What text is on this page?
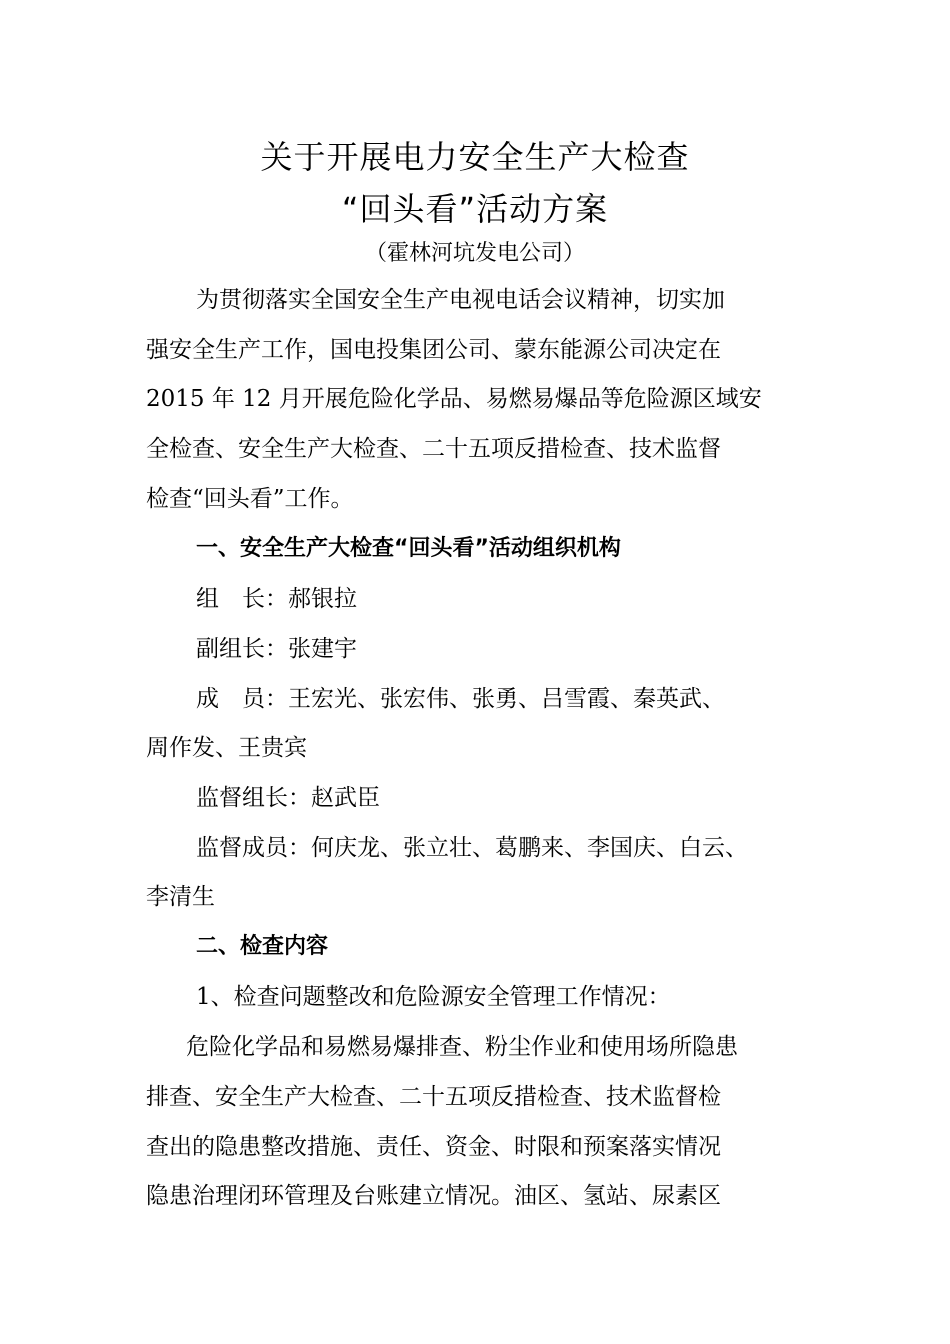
关于开展电力安全生产大检查
“回头看”活动方案
（霍林河坑发电公司）
为贯彻落实全国安全生产电视电话会议精神，切实加
强安全生产工作，国电投集团公司、蒙东能源公司决定在
2015 年 12 月开展危险化学品、易燃易爆品等危险源区域安
全检查、安全生产大检查、二十五项反措检查、技术监督
检查“回头看”工作。
一、安全生产大检查“回头看”活动组织机构
组　长：郝银拉
副组长：张建宇
成　员：王宏光、张宏伟、张勇、吕雪霞、秦英武、
周作发、王贵宾
监督组长：赵武臣
监督成员：何庆龙、张立壮、葛鹏来、李国庆、白云、
李清生
二、检查内容
1、检查问题整改和危险源安全管理工作情况：
危险化学品和易燃易爆排查、粉尘作业和使用场所隐患
排查、安全生产大检查、二十五项反措检查、技术监督检
查出的隐患整改措施、责任、资金、时限和预案落实情况
隐患治理闭环管理及台账建立情况。油区、氢站、尿素区
